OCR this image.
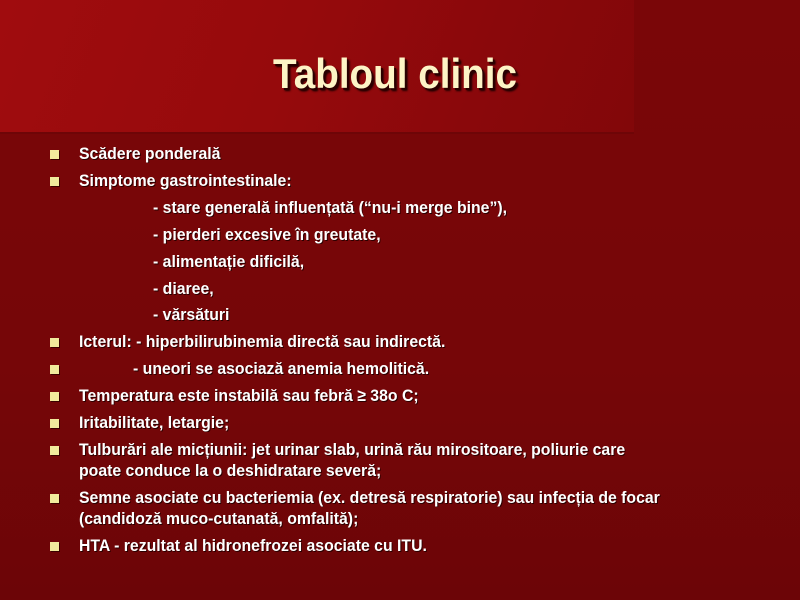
Tabloul clinic
Scădere ponderală
Simptome gastrointestinale:
- stare generală influențată (“nu-i merge bine”),
- pierderi excesive în greutate,
- alimentație dificilă,
- diaree,
- vărsături
Icterul: - hiperbilirubinemia directă sau indirectă.
- uneori se asociază anemia hemolitică.
Temperatura este instabilă sau febră ≥ 38o C;
Iritabilitate, letargie;
Tulburări ale micțiunii: jet urinar slab, urină rău mirositoare, poliurie care
poate conduce la o deshidratare severă;
Semne asociate cu bacteriemia (ex. detresă respiratorie) sau infecția de focar
(candidoză muco-cutanată, omfalită);
HTA - rezultat al hidronefrozei asociate cu ITU.
